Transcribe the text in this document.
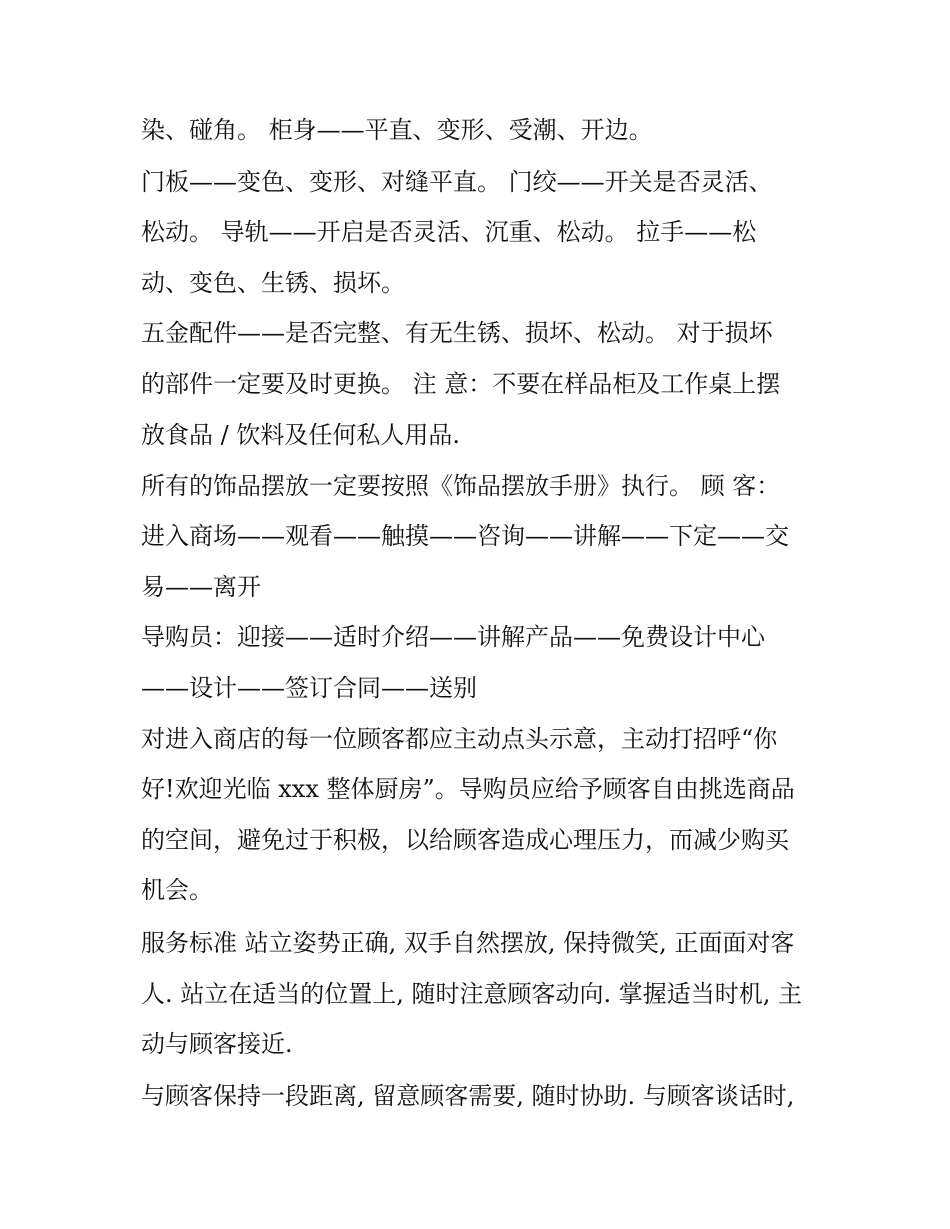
染、碰角。 柜身——平直、变形、受潮、开边。
门板——变色、变形、对缝平直。 门绞——开关是否灵活、
松动。 导轨——开启是否灵活、沉重、松动。 拉手——松
动、变色、生锈、损坏。
五金配件——是否完整、有无生锈、损坏、松动。 对于损坏
的部件一定要及时更换。 注 意：不要在样品柜及工作桌上摆
放食品 / 饮料及任何私人用品.
所有的饰品摆放一定要按照《饰品摆放手册》执行。 顾 客：
进入商场——观看——触摸——咨询——讲解——下定——交
易——离开
导购员：迎接——适时介绍——讲解产品——免费设计中心
——设计——签订合同——送别
对进入商店的每一位顾客都应主动点头示意，主动打招呼“你
好!欢迎光临 xxx 整体厨房”。导购员应给予顾客自由挑选商品
的空间，避免过于积极，以给顾客造成心理压力，而减少购买
机会。
服务标准 站立姿势正确, 双手自然摆放, 保持微笑, 正面面对客
人. 站立在适当的位置上, 随时注意顾客动向. 掌握适当时机, 主
动与顾客接近.
与顾客保持一段距离, 留意顾客需要, 随时协助. 与顾客谈话时,
